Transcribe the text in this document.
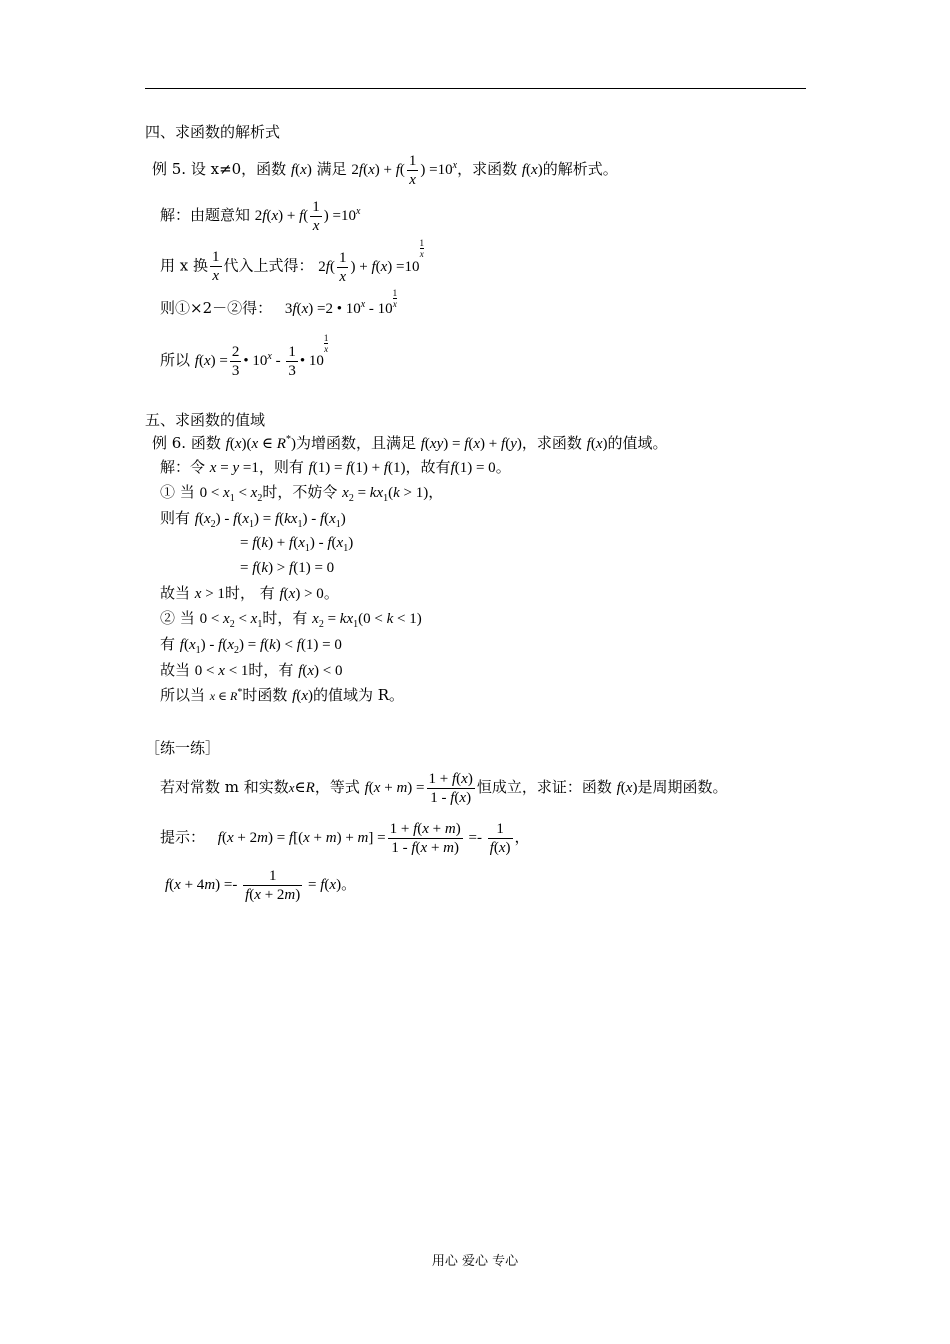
四、求函数的解析式
例 5. 设 x≠0，函数 f(x) 满足 $2f(x) + f( \frac{1}{x}$ ) $=10^x$，求函数 f(x)的解析式。
解：由题意知 $2f(x) + f( \frac{1}{x}$ ) $=10^x$
用 x 换 $\frac{1}{x}$ 代入上式得： $2f( \frac{1}{x}$ ) + f(x) =10
$\frac{1}{x}$
则①×2－②得： 3f(x) =2 • $10^x - 10 \frac{1}{x}$
所以 $f(x) = \frac{2}{3}$ • $10^x - \frac{1}{3}$ • 10
$\frac{1}{x}$
五、求函数的值域
例 6. 函数 f(x)(x ∈ R*)为增函数，且满足 f(xy) = f(x) + f(y)，求函数 f(x)的值域。
解：令 x = y =1，则有 f(1) = f(1) + f(1)，故有f(1) = 0。
① 当 $0 < x_1 < x_2$时，不妨令 $x_2 = kx_1(k > 1)$，
则有 $f(x_2) - f(x_1) = f(kx_1) - f(x_1)$
= $f(k) + f(x_1) - f(x_1)$
= f(k) > f(1) = 0
故当 x > 1时， 有 f(x) > 0。
② 当 $0 < x_2 < x_1$时，有 $x_2 = kx_1(0 < k < 1)$
有 $f(x_1) - f(x_2) = f(k) < f(1) = 0$
故当 0 < x < 1时，有 f(x) < 0
所以当 x ∈ R*时函数 f(x)的值域为 R。
［练一练］
若对常数 m 和实数x∈R，等式 $f(x + m) = \frac{1 + f(x)}{1 - f(x)}$ 恒成立，求证：函数 f(x)是周期函数。
提示： $f(x + 2m) = f[(x + m) + m] = \frac{1 + f(x + m)}{1 - f(x + m)} =- \frac{1}{f(x)}$ ，
$f(x + 4m) =- \frac{1}{f(x + 2m)} = f(x)$。
用心 爱心 专心
